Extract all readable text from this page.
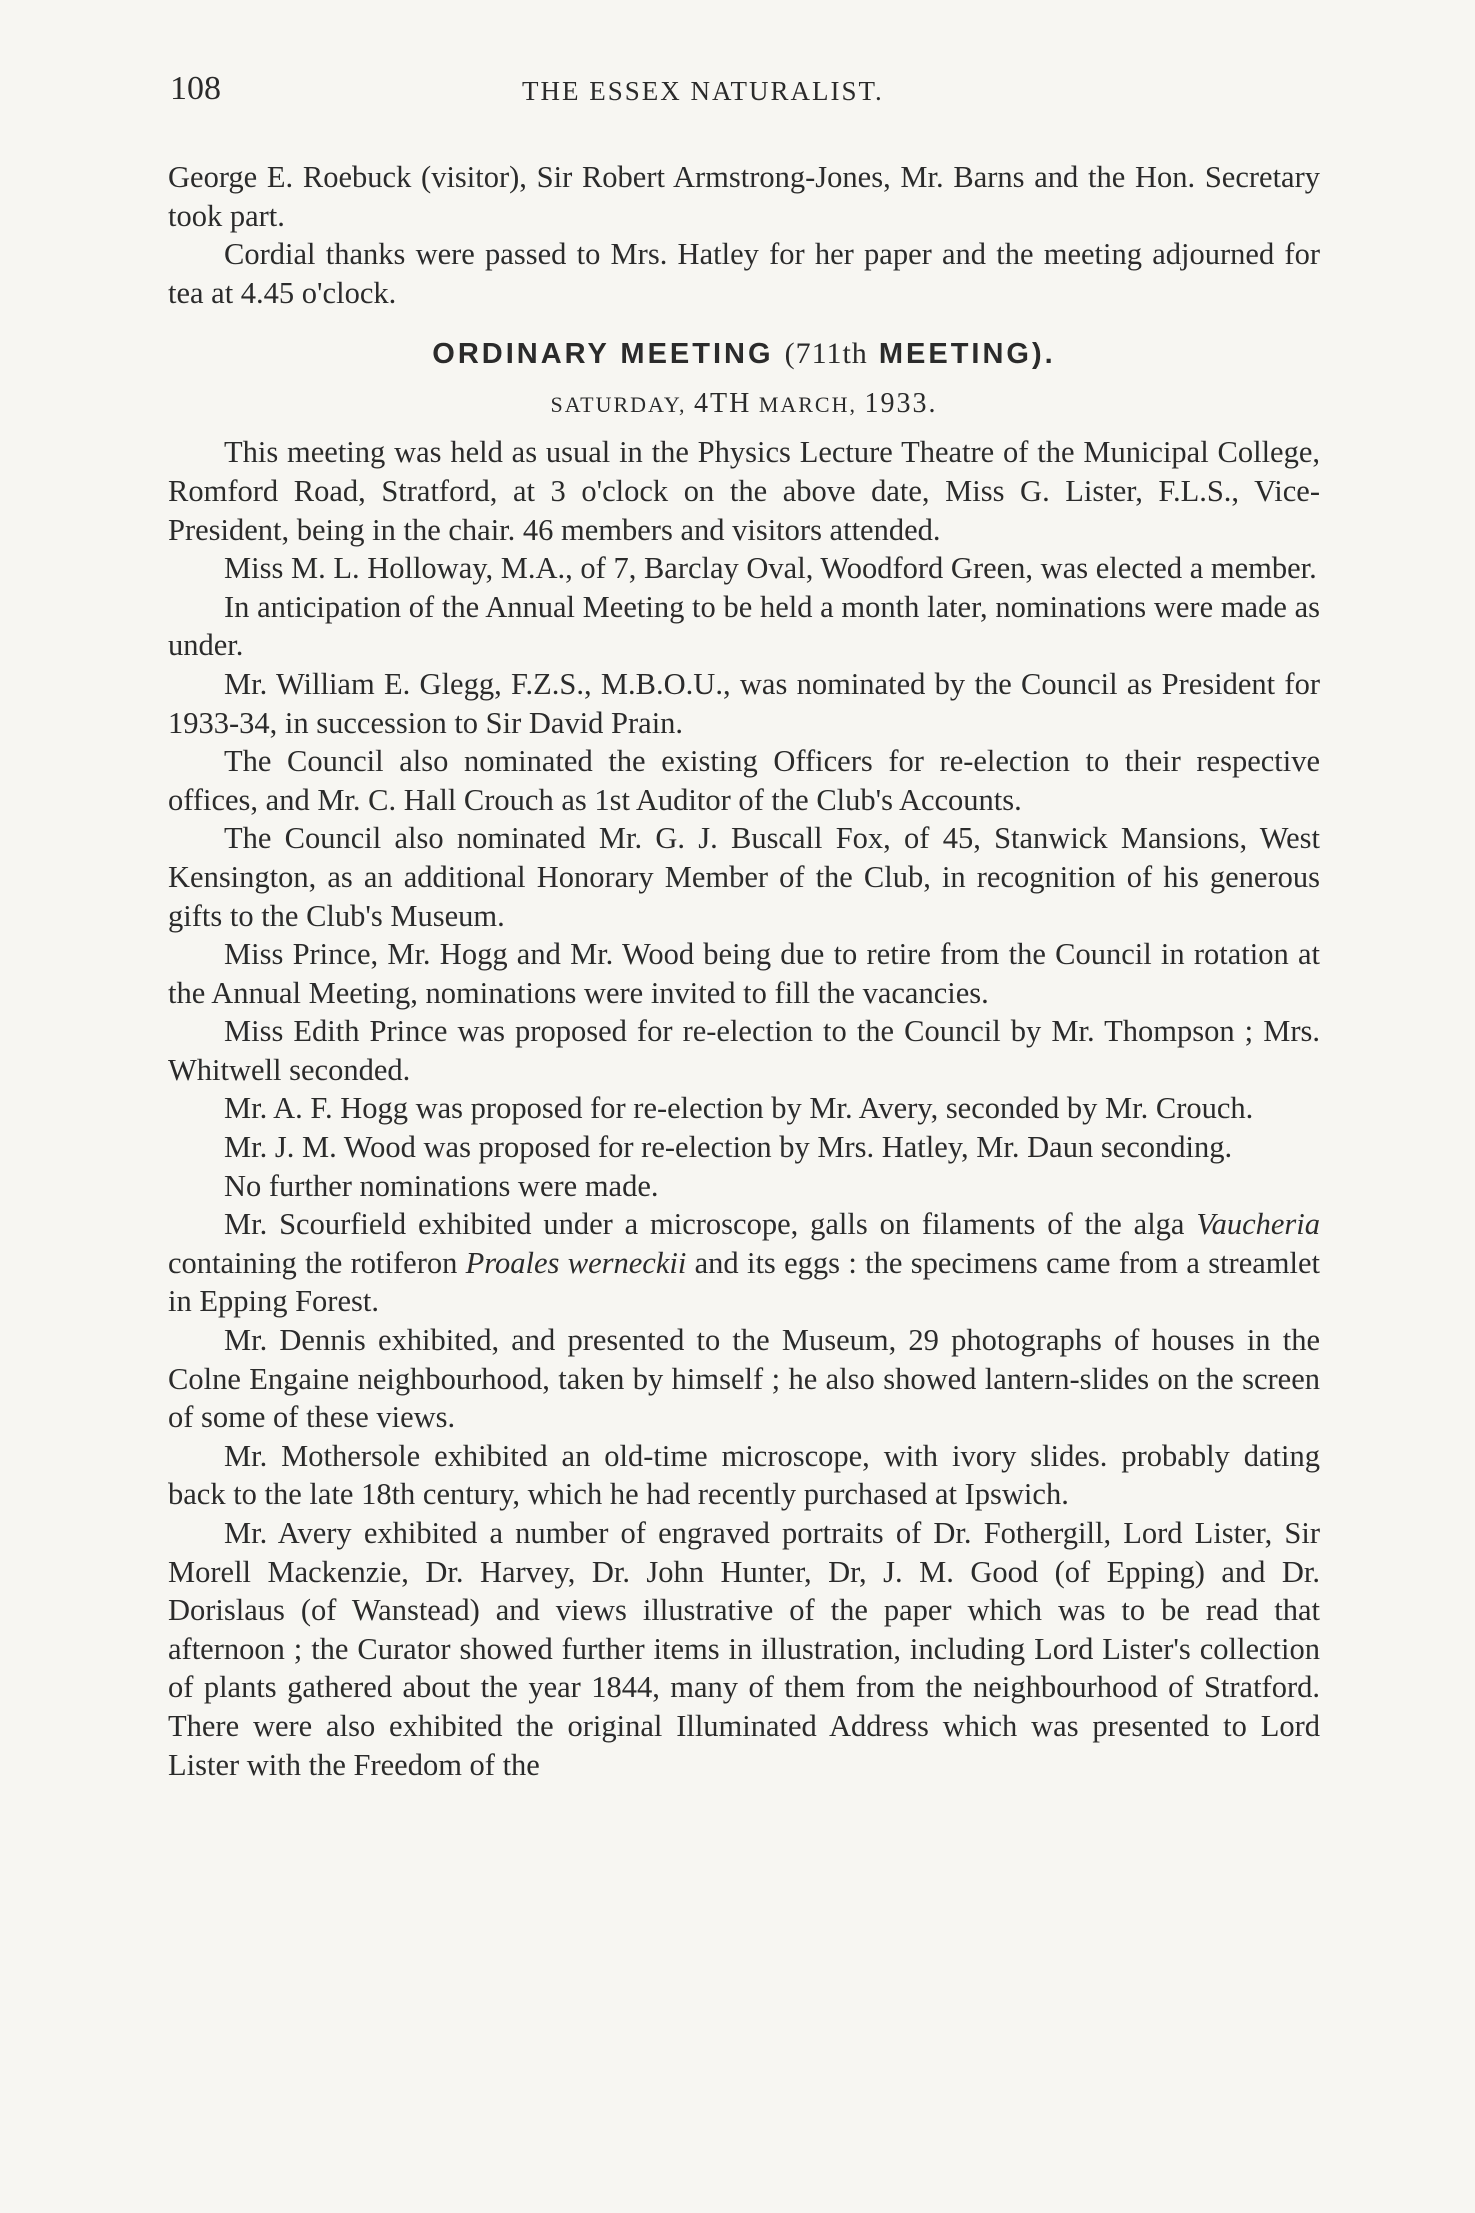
108	THE ESSEX NATURALIST.

George E. Roebuck (visitor), Sir Robert Armstrong-Jones, Mr. Barns and the Hon. Secretary took part.

Cordial thanks were passed to Mrs. Hatley for her paper and the meeting adjourned for tea at 4.45 o'clock.

ORDINARY MEETING (711th MEETING).
SATURDAY, 4TH MARCH, 1933.

This meeting was held as usual in the Physics Lecture Theatre of the Municipal College, Romford Road, Stratford, at 3 o'clock on the above date, Miss G. Lister, F.L.S., Vice-President, being in the chair. 46 members and visitors attended.

Miss M. L. Holloway, M.A., of 7, Barclay Oval, Woodford Green, was elected a member.

In anticipation of the Annual Meeting to be held a month later, nominations were made as under.

Mr. William E. Glegg, F.Z.S., M.B.O.U., was nominated by the Council as President for 1933-34, in succession to Sir David Prain.

The Council also nominated the existing Officers for re-election to their respective offices, and Mr. C. Hall Crouch as 1st Auditor of the Club's Accounts.

The Council also nominated Mr. G. J. Buscall Fox, of 45, Stanwick Mansions, West Kensington, as an additional Honorary Member of the Club, in recognition of his generous gifts to the Club's Museum.

Miss Prince, Mr. Hogg and Mr. Wood being due to retire from the Council in rotation at the Annual Meeting, nominations were invited to fill the vacancies.

Miss Edith Prince was proposed for re-election to the Council by Mr. Thompson ; Mrs. Whitwell seconded.

Mr. A. F. Hogg was proposed for re-election by Mr. Avery, seconded by Mr. Crouch.

Mr. J. M. Wood was proposed for re-election by Mrs. Hatley, Mr. Daun seconding.

No further nominations were made.

Mr. Scourfield exhibited under a microscope, galls on filaments of the alga Vaucheria containing the rotiferon Proales werneckii and its eggs : the specimens came from a streamlet in Epping Forest.

Mr. Dennis exhibited, and presented to the Museum, 29 photographs of houses in the Colne Engaine neighbourhood, taken by himself ; he also showed lantern-slides on the screen of some of these views.

Mr. Mothersole exhibited an old-time microscope, with ivory slides. probably dating back to the late 18th century, which he had recently purchased at Ipswich.

Mr. Avery exhibited a number of engraved portraits of Dr. Fothergill, Lord Lister, Sir Morell Mackenzie, Dr. Harvey, Dr. John Hunter, Dr, J. M. Good (of Epping) and Dr. Dorislaus (of Wanstead) and views illustrative of the paper which was to be read that afternoon ; the Curator showed further items in illustration, including Lord Lister's collection of plants gathered about the year 1844, many of them from the neighbourhood of Stratford. There were also exhibited the original Illuminated Address which was presented to Lord Lister with the Freedom of the
